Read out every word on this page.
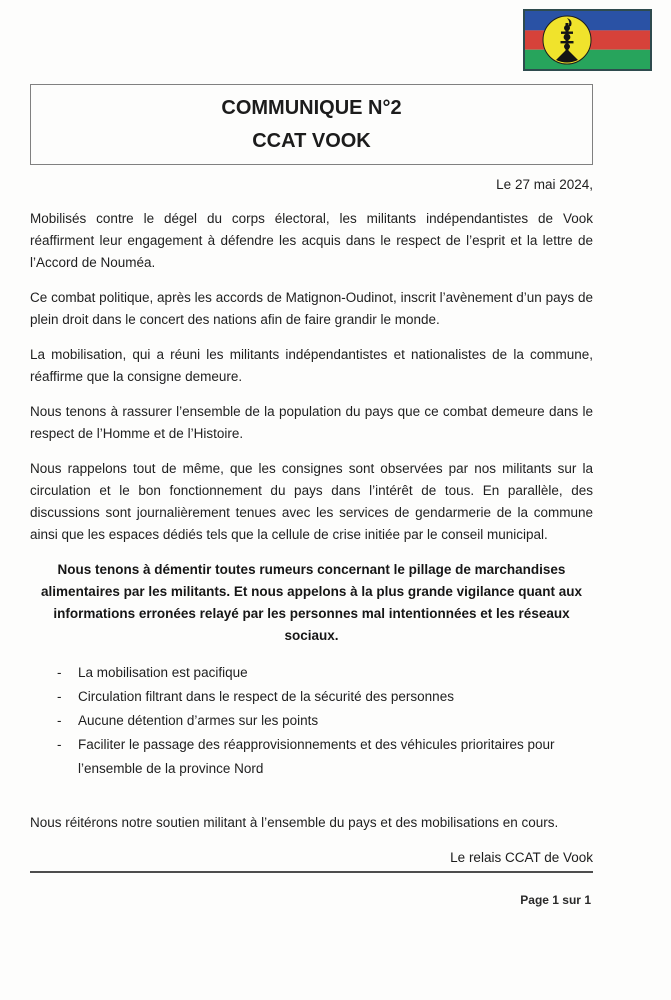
COMMUNIQUE N°2
CCAT VOOK
Le 27 mai 2024,

Mobilisés contre le dégel du corps électoral, les militants indépendantistes de Vook réaffirment leur engagement à défendre les acquis dans le respect de l’esprit et la lettre de l’Accord de Nouméa.

Ce combat politique, après les accords de Matignon-Oudinot, inscrit l’avènement d’un pays de plein droit dans le concert des nations afin de faire grandir le monde.

La mobilisation, qui a réuni les militants indépendantistes et nationalistes de la commune, réaffirme que la consigne demeure.

Nous tenons à rassurer l’ensemble de la population du pays que ce combat demeure dans le respect de l’Homme et de l’Histoire.

Nous rappelons tout de même, que les consignes sont observées par nos militants sur la circulation et le bon fonctionnement du pays dans l’intérêt de tous. En parallèle, des discussions sont journalièrement tenues avec les services de gendarmerie de la commune ainsi que les espaces dédiés tels que la cellule de crise initiée par le conseil municipal.

Nous tenons à démentir toutes rumeurs concernant le pillage de marchandises alimentaires par les militants. Et nous appelons à la plus grande vigilance quant aux informations erronées relayé par les personnes mal intentionnées et les réseaux sociaux.

-	La mobilisation est pacifique
-	Circulation filtrant dans le respect de la sécurité des personnes
-	Aucune détention d’armes sur les points
-	Faciliter le passage des réapprovisionnements et des véhicules prioritaires pour l’ensemble de la province Nord

Nous réitérons notre soutien militant à l’ensemble du pays et des mobilisations en cours.

Le relais CCAT de Vook
Page 1 sur 1
